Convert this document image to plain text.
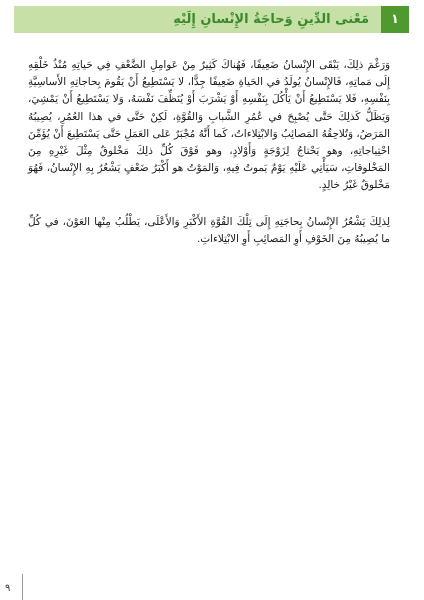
١
مَعْنى الدِّينِ وَحاجَةُ الإِنْسانِ إِلَيْهِ

وَرَغْمَ ذلِكَ، يَبْقَى الإِنْسانُ ضَعِيفًا، فَهُناكَ كَثِيرٌ مِنْ عَوامِلِ الضَّعْفِ فِي حَياتِهِ مُنْذُ خَلْقِهِ إِلَى مَماتِهِ، فَالإِنْسانُ يُولَدُ في الحَياةِ ضَعِيفًا جِدًّا، لا يَسْتَطِيعُ أَنْ يَقُومَ بِحاجاتِهِ الأَساسِيَّةِ بِنَفْسِهِ، فَلا يَسْتَطِيعُ أَنْ يَأْكُلَ بِنَفْسِهِ أَوْ يَشْرَبَ أَوْ يُنَظِّفَ نَفْسَهُ، وَلا يَسْتَطِيعُ أَنْ يَمْشِيَ، وَيَظَلُّ كَذلِكَ حَتَّى يُصْبِحَ في عُمُرِ الشَّبابِ وَالقُوَّةِ، لَكِنْ حَتَّى في هذا العُمُرِ، يُصِيبُهُ المَرَضُ، وَتُلاحِقُهُ المَصائِبُ وَالابْتِلاءاتُ، كَما أَنَّهُ مُجْبَرٌ عَلى العَمَلِ حَتَّى يَسْتَطِيعَ أَنْ يُؤَمِّنَ احْتِياجاتِهِ، وهو يَحْتاجُ لِزَوْجَةٍ وَأَوْلادٍ، وهو فَوْقَ كُلِّ ذلِكَ مَخْلوقٌ مِثْلَ غَيْرِهِ مِنَ المَخْلوقاتِ، سَيَأْتِي عَلَيْهِ يَوْمٌ يَموتُ فِيهِ، وَالمَوْتُ هو أَكْبَرُ ضَعْفٍ يَشْعُرُ بِهِ الإِنْسانُ، فَهُوَ مَخْلوقٌ غَيْرُ خالِدٍ.

لِذلِكَ يَشْعُرُ الإِنْسانُ بِحاجَتِهِ إِلَى تِلْكَ القُوَّةِ الأَكْبَرِ وَالأَعْلَى، يَطْلُبُ مِنْها العَوْنَ، في كُلِّ ما يُصِيبُهُ مِنَ الخَوْفِ أَوِ المَصائِبِ أَوِ الابْتِلاءاتِ.

٩
